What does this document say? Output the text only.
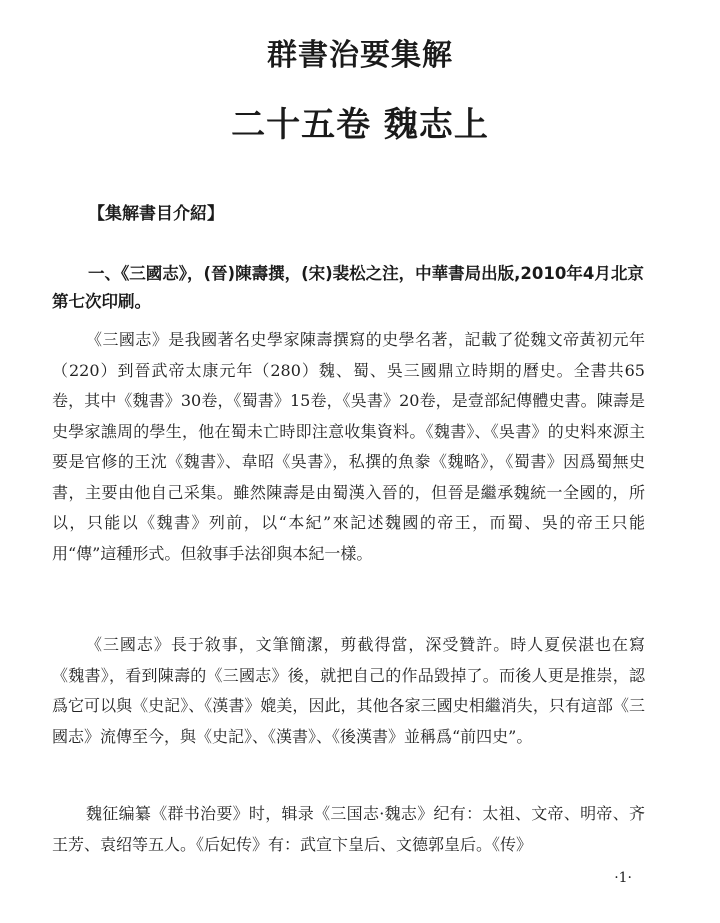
群書治要集解
二十五卷 魏志上
【集解書目介紹】
一、《三國志》，(晉)陳壽撰，(宋)裴松之注，中華書局出版,2010年4月北京第七次印刷。
《三國志》是我國著名史學家陳壽撰寫的史學名著，記載了從魏文帝黃初元年（220）到晉武帝太康元年（280）魏、蜀、吳三國鼎立時期的曆史。全書共65卷，其中《魏書》30卷，《蜀書》15卷，《吳書》20卷，是壹部紀傳體史書。陳壽是史學家譙周的學生，他在蜀未亡時即注意收集資料。《魏書》、《吳書》的史料來源主要是官修的王沈《魏書》、韋昭《吳書》，私撰的魚豢《魏略》，《蜀書》因爲蜀無史書，主要由他自己采集。雖然陳壽是由蜀漢入晉的，但晉是繼承魏統一全國的，所以，只能以《魏書》列前，以“本紀”來記述魏國的帝王，而蜀、吳的帝王只能用“傳”這種形式。但敘事手法卻與本紀一樣。
《三國志》長于敘事，文筆簡潔，剪截得當，深受贊許。時人夏侯湛也在寫《魏書》，看到陳壽的《三國志》後，就把自己的作品毀掉了。而後人更是推崇，認爲它可以與《史記》、《漢書》媲美，因此，其他各家三國史相繼消失，只有這部《三國志》流傳至今，與《史記》、《漢書》、《後漢書》並稱爲“前四史”。
魏征编纂《群书治要》时，辑录《三国志·魏志》纪有：太祖、文帝、明帝、齐王芳、袁绍等五人。《后妃传》有：武宣卞皇后、文德郭皇后。《传》
·1·
